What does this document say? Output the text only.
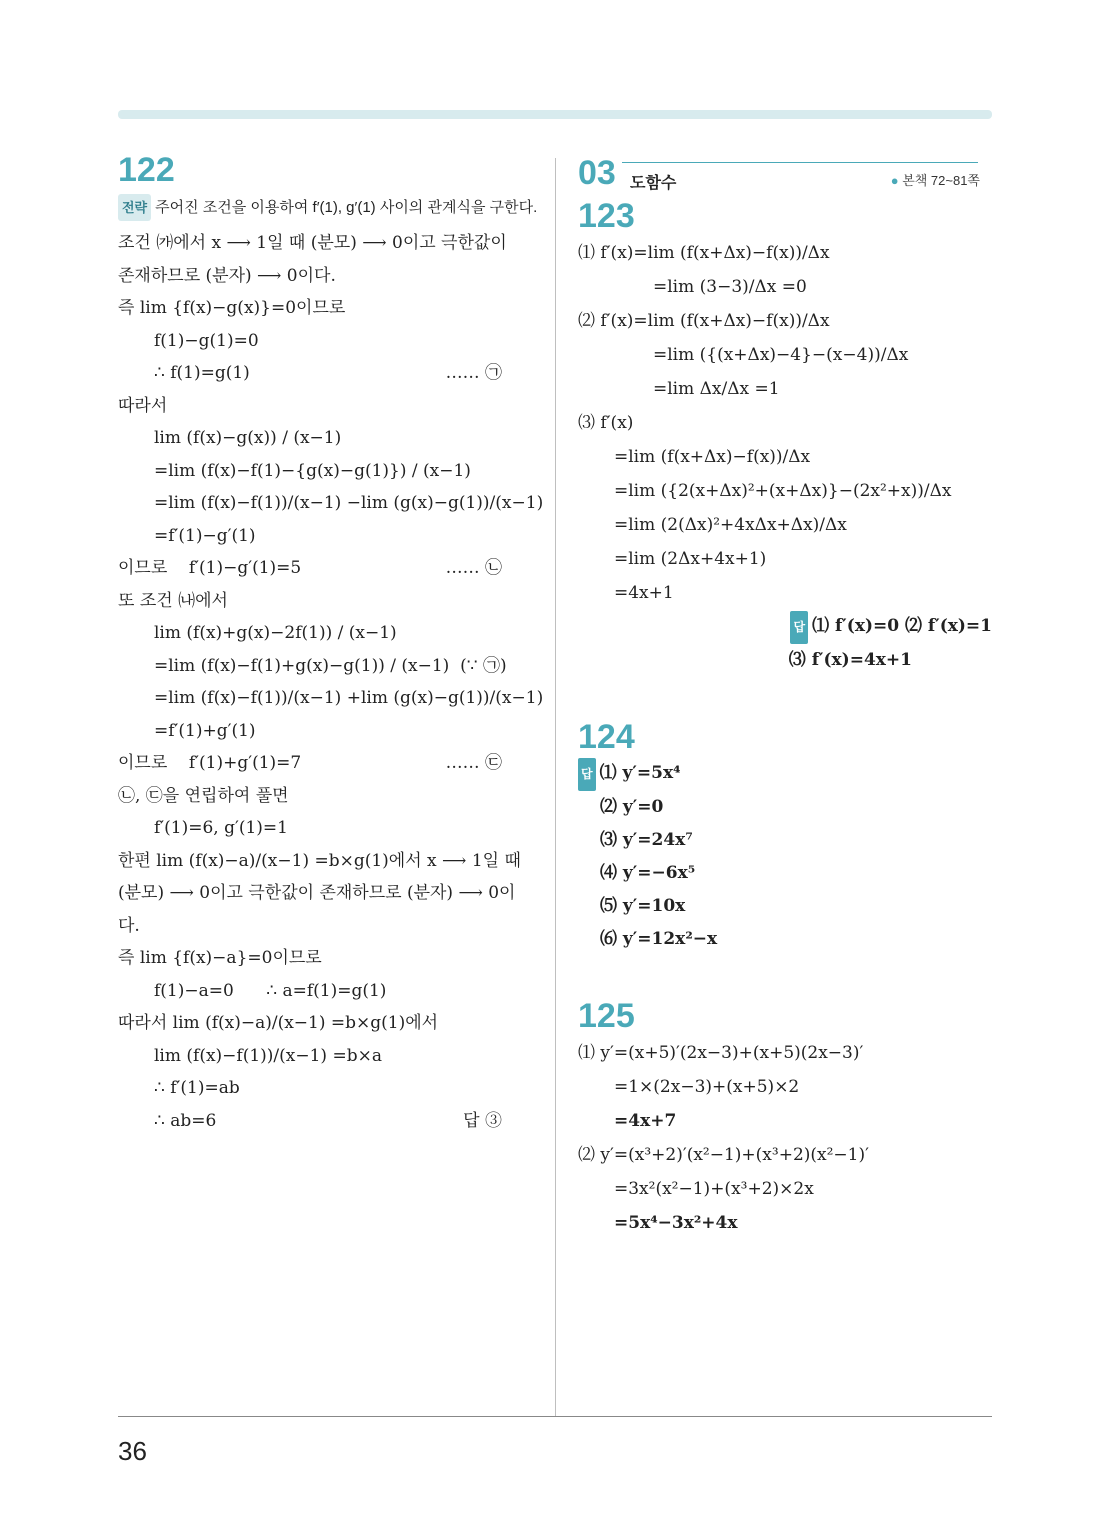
122
전략 주어진 조건을 이용하여 f′(1), g′(1) 사이의 관계식을 구한다.
조건 ㈎에서 x ⟶ 1일 때 (분모) ⟶ 0이고 극한값이
존재하므로 (분자) ⟶ 0이다.
즉 lim {f(x)−g(x)}=0이므로
f(1)−g(1)=0
∴ f(1)=g(1)	…… ㉠
따라서
lim (f(x)−g(x)) / (x−1)
=lim (f(x)−f(1)−{g(x)−g(1)}) / (x−1)
=lim (f(x)−f(1))/(x−1) −lim (g(x)−g(1))/(x−1)
=f′(1)−g′(1)
이므로    f′(1)−g′(1)=5	…… ㉡
또 조건 ㈏에서
lim (f(x)+g(x)−2f(1)) / (x−1)
=lim (f(x)−f(1)+g(x)−g(1)) / (x−1)  (∵ ㉠)
=lim (f(x)−f(1))/(x−1) +lim (g(x)−g(1))/(x−1)
=f′(1)+g′(1)
이므로    f′(1)+g′(1)=7	…… ㉢
㉡, ㉢을 연립하여 풀면
f′(1)=6, g′(1)=1
한편 lim (f(x)−a)/(x−1) =b×g(1)에서 x ⟶ 1일 때
(분모) ⟶ 0이고 극한값이 존재하므로 (분자) ⟶ 0이
다.
즉 lim {f(x)−a}=0이므로
f(1)−a=0      ∴ a=f(1)=g(1)
따라서 lim (f(x)−a)/(x−1) =b×g(1)에서
lim (f(x)−f(1))/(x−1) =b×a
∴ f′(1)=ab
∴ ab=6	답 ③
03 도함수	● 본책 72~81쪽
123
⑴ f′(x)=lim (f(x+Δx)−f(x))/Δx
=lim (3−3)/Δx =0
⑵ f′(x)=lim (f(x+Δx)−f(x))/Δx
=lim ({(x+Δx)−4}−(x−4))/Δx
=lim Δx/Δx =1
⑶ f′(x)
=lim (f(x+Δx)−f(x))/Δx
=lim ({2(x+Δx)²+(x+Δx)}−(2x²+x))/Δx
=lim (2(Δx)²+4xΔx+Δx)/Δx
=lim (2Δx+4x+1)
=4x+1
답 ⑴ f′(x)=0 ⑵ f′(x)=1
⑶ f′(x)=4x+1
124
답 ⑴ y′=5x⁴
⑵ y′=0
⑶ y′=24x⁷
⑷ y′=−6x⁵
⑸ y′=10x
⑹ y′=12x²−x
125
⑴ y′=(x+5)′(2x−3)+(x+5)(2x−3)′
=1×(2x−3)+(x+5)×2
=4x+7
⑵ y′=(x³+2)′(x²−1)+(x³+2)(x²−1)′
=3x²(x²−1)+(x³+2)×2x
=5x⁴−3x²+4x
36
